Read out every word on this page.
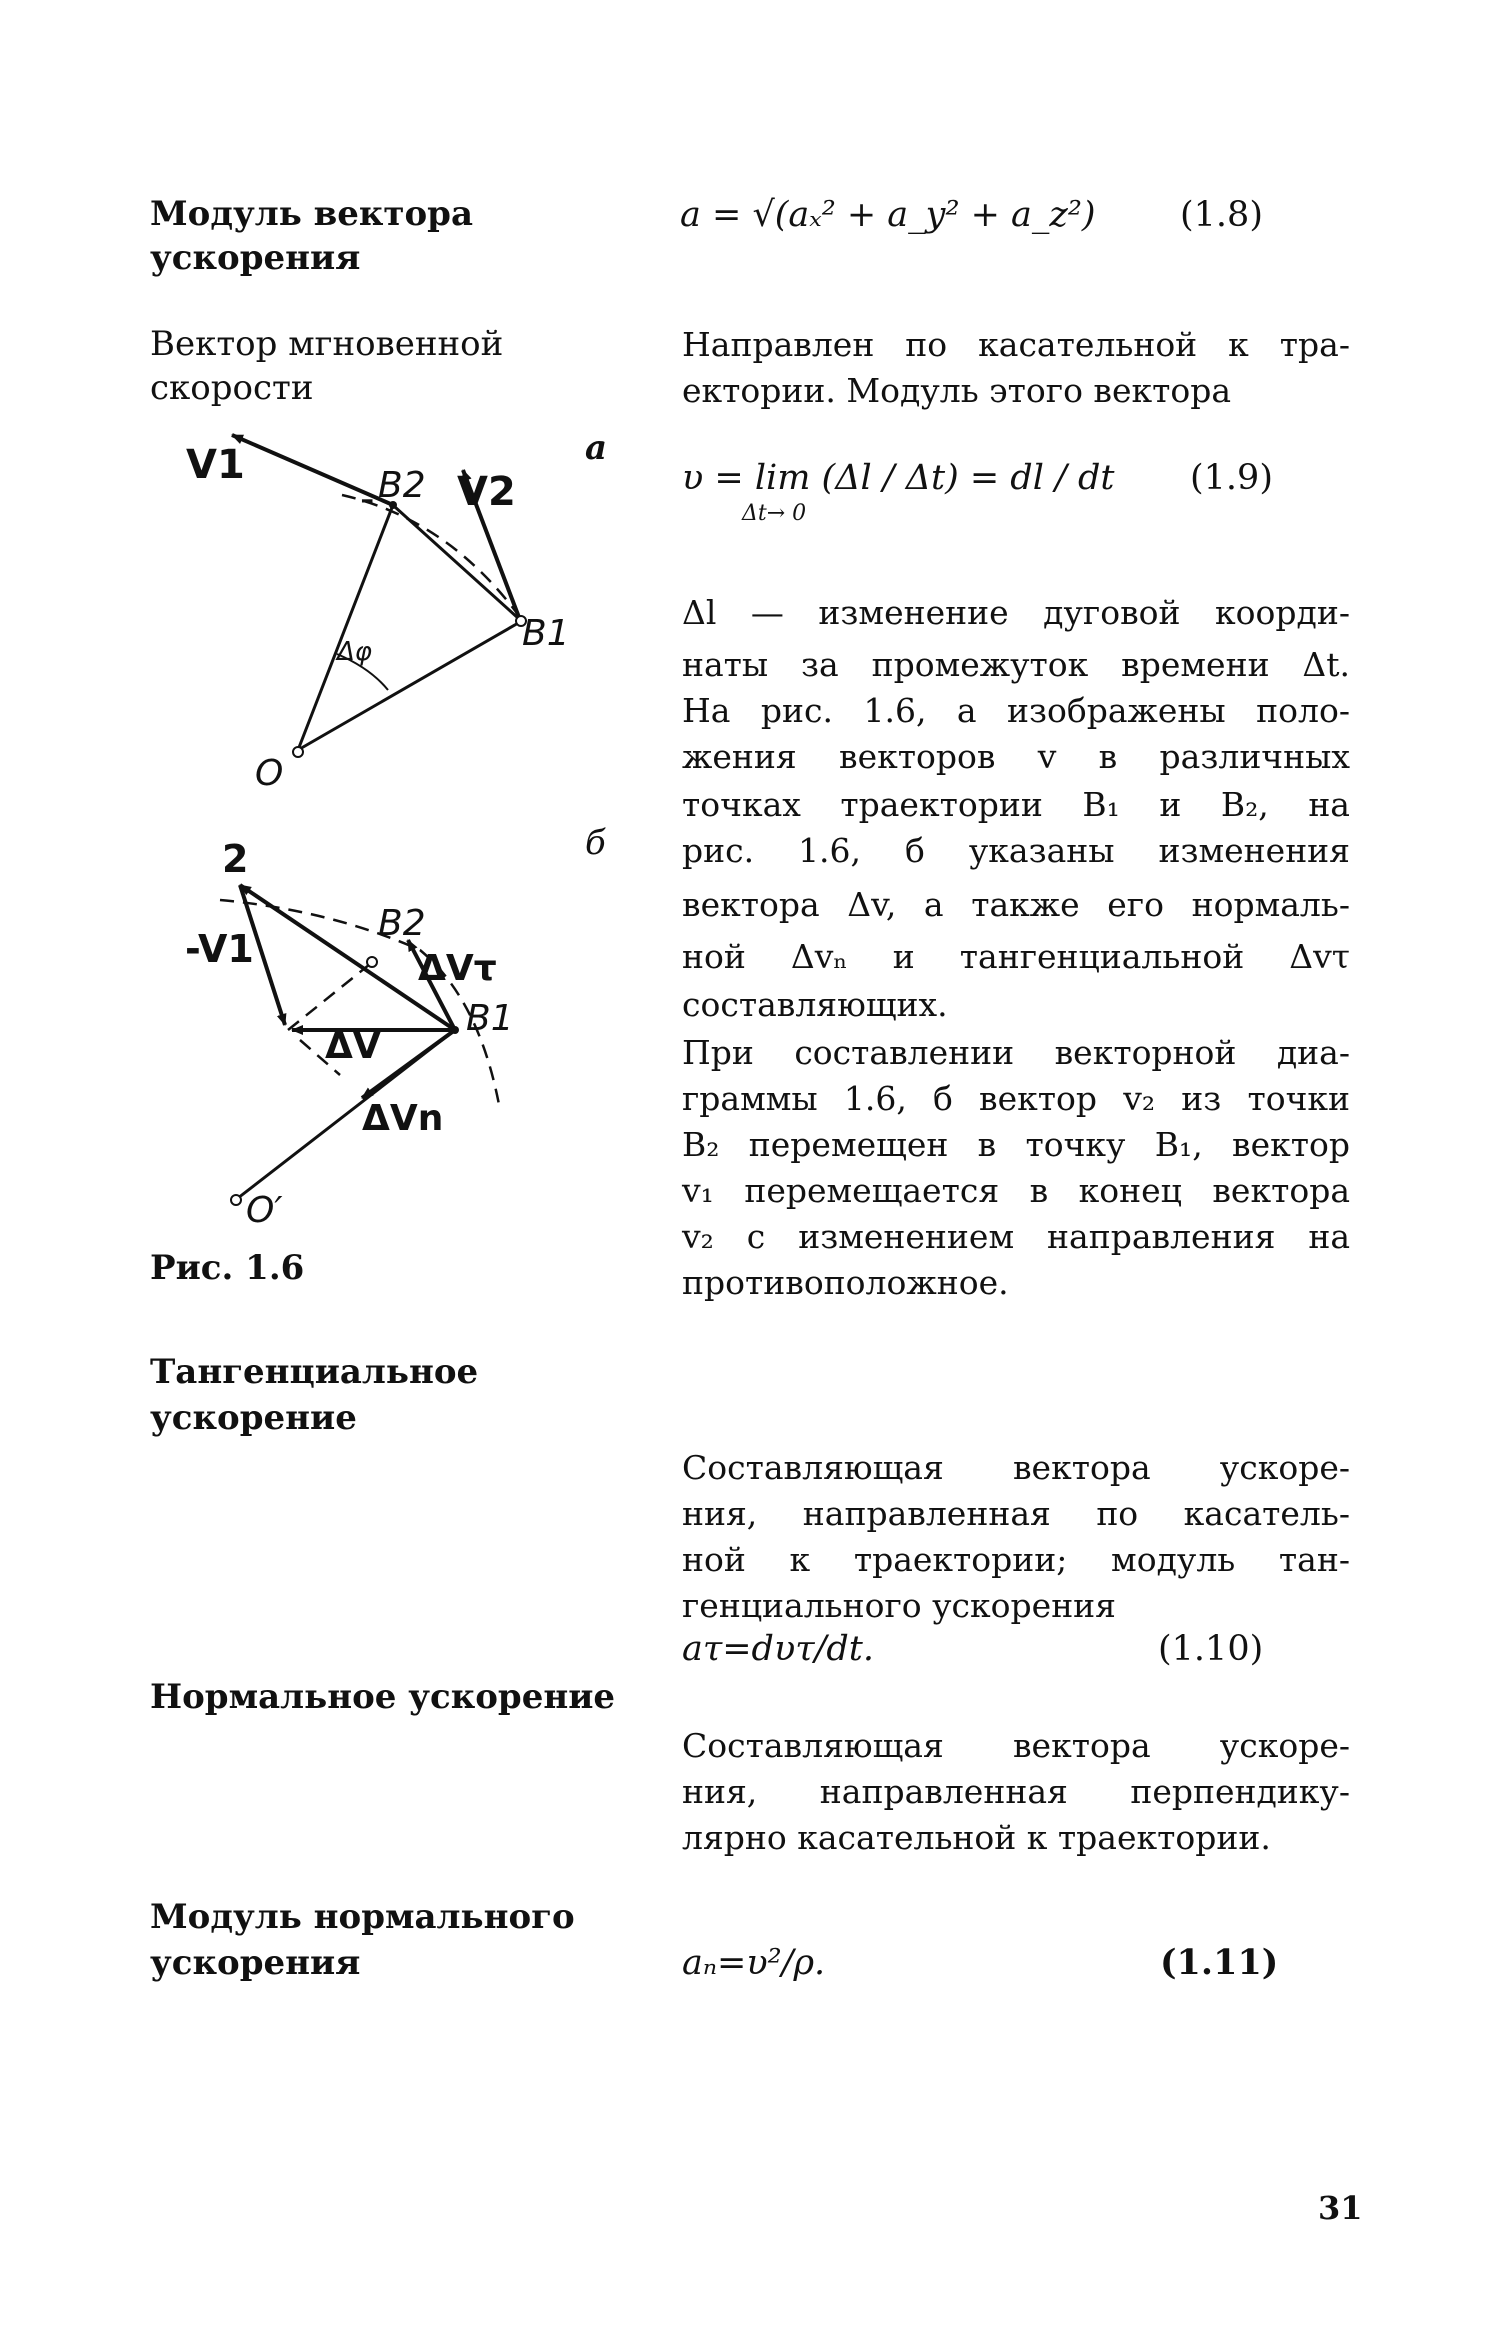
Модуль вектора
ускорения
Вектор мгновенной
скорости
Тангенциальное
ускорение
Нормальное ускорение
Модуль нормального
ускорения
a = √(aₓ² + a_y² + a_z²) (1.8)
Направлен по касательной к тра-
ектории. Модуль этого вектора
υ = lim (Δl / Δt) = dl / dt
Δt→ 0
(1.9)
Δl — изменение дуговой коорди-
наты за промежуток времени Δt.
На рис. 1.6, а изображены поло-
жения векторов v в различных
точках траектории B₁ и B₂, на
рис. 1.6, б указаны изменения
вектора Δv, а также его нормаль-
ной Δvₙ и тангенциальной Δvτ
составляющих.
При составлении векторной диа-
граммы 1.6, б вектор v₂ из точки
B₂ перемещен в точку B₁, вектор
v₁ перемещается в конец вектора
v₂ с изменением направления на
противоположное.
Составляющая вектора ускоре-
ния, направленная по касатель-
ной к траектории; модуль тан-
генциального ускорения
aτ=dυτ/dt.	(1.10)
Составляющая вектора ускоре-
ния, направленная перпендику-
лярно касательной к траектории.
aₙ=υ²/ρ.	(1.11)
а
б
Рис. 1.6
V1
- B2 V2
B1
Δφ
O
2
-V1
B2
ΔVτ
B1
ΔV
ΔVn
O′
31
